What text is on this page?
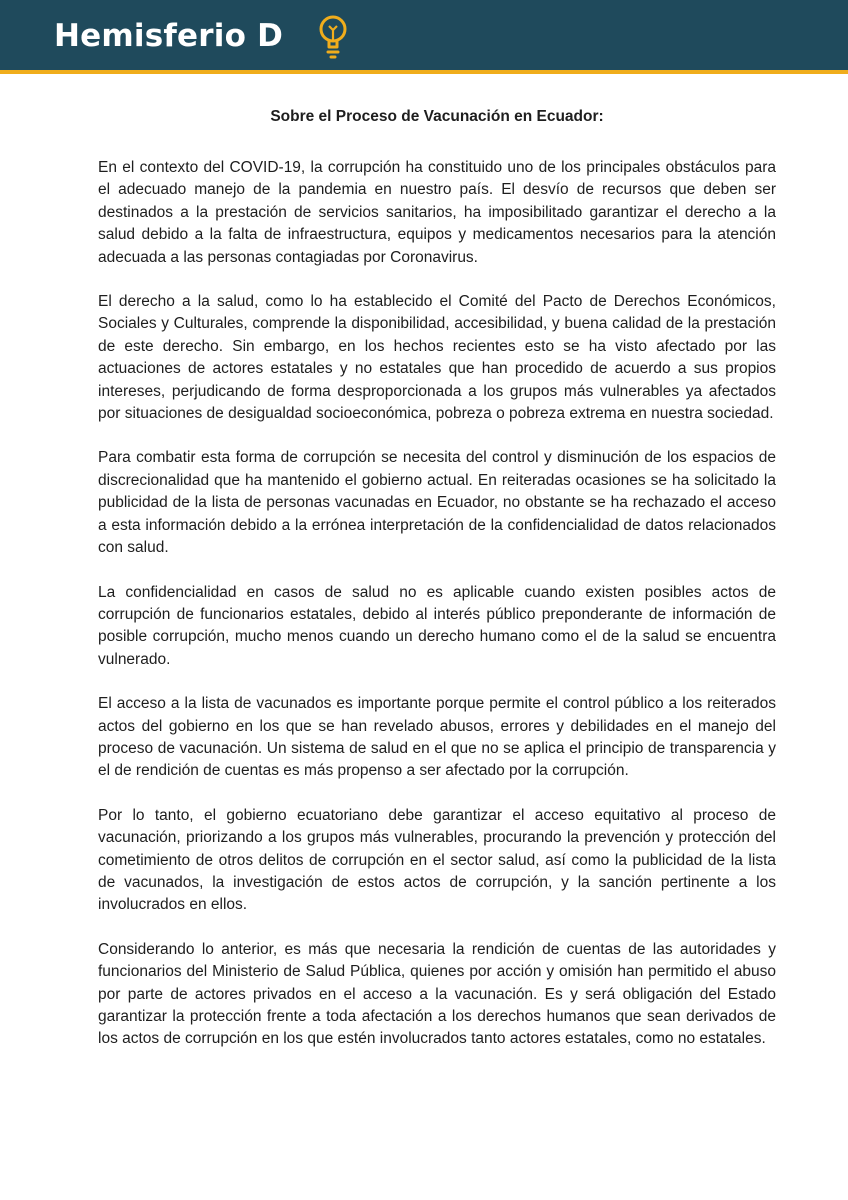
Hemisferio D
Sobre el Proceso de Vacunación en Ecuador:

En el contexto del COVID-19, la corrupción ha constituido uno de los principales obstáculos para el adecuado manejo de la pandemia en nuestro país. El desvío de recursos que deben ser destinados a la prestación de servicios sanitarios, ha imposibilitado garantizar el derecho a la salud debido a la falta de infraestructura, equipos y medicamentos necesarios para la atención adecuada a las personas contagiadas por Coronavirus.

El derecho a la salud, como lo ha establecido el Comité del Pacto de Derechos Económicos, Sociales y Culturales, comprende la disponibilidad, accesibilidad, y buena calidad de la prestación de este derecho. Sin embargo, en los hechos recientes esto se ha visto afectado por las actuaciones de actores estatales y no estatales que han procedido de acuerdo a sus propios intereses, perjudicando de forma desproporcionada a los grupos más vulnerables ya afectados por situaciones de desigualdad socioeconómica, pobreza o pobreza extrema en nuestra sociedad.

Para combatir esta forma de corrupción se necesita del control y disminución de los espacios de discrecionalidad que ha mantenido el gobierno actual. En reiteradas ocasiones se ha solicitado la publicidad de la lista de personas vacunadas en Ecuador, no obstante se ha rechazado el acceso a esta información debido a la errónea interpretación de la confidencialidad de datos relacionados con salud.

La confidencialidad en casos de salud no es aplicable cuando existen posibles actos de corrupción de funcionarios estatales, debido al interés público preponderante de información de posible corrupción, mucho menos cuando un derecho humano como el de la salud se encuentra vulnerado.

El acceso a la lista de vacunados es importante porque permite el control público a los reiterados actos del gobierno en los que se han revelado abusos, errores y debilidades en el manejo del proceso de vacunación. Un sistema de salud en el que no se aplica el principio de transparencia y el de rendición de cuentas es más propenso a ser afectado por la corrupción.

Por lo tanto, el gobierno ecuatoriano debe garantizar el acceso equitativo al proceso de vacunación, priorizando a los grupos más vulnerables, procurando la prevención y protección del cometimiento de otros delitos de corrupción en el sector salud, así como la publicidad de la lista de vacunados, la investigación de estos actos de corrupción, y la sanción pertinente a los involucrados en ellos.

Considerando lo anterior, es más que necesaria la rendición de cuentas de las autoridades y funcionarios del Ministerio de Salud Pública, quienes por acción y omisión han permitido el abuso por parte de actores privados en el acceso a la vacunación. Es y será obligación del Estado garantizar la protección frente a toda afectación a los derechos humanos que sean derivados de los actos de corrupción en los que estén involucrados tanto actores estatales, como no estatales.
